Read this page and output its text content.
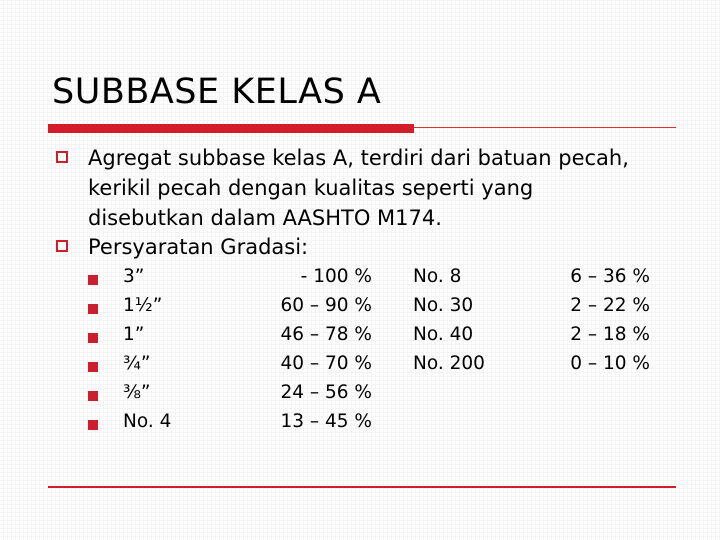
SUBBASE KELAS A
Agregat subbase kelas A, terdiri dari batuan pecah, kerikil pecah dengan kualitas seperti yang disebutkan dalam AASHTO M174.
Persyaratan Gradasi:
3”	- 100 % No. 8	6 – 36 %
1½”	60 – 90 % No. 30	2 – 22 %
1”	46 – 78 % No. 40	2 – 18 %
¾”	40 – 70 % No. 200	0 – 10 %
⅜”	24 – 56 %
No. 4	13 – 45 %
